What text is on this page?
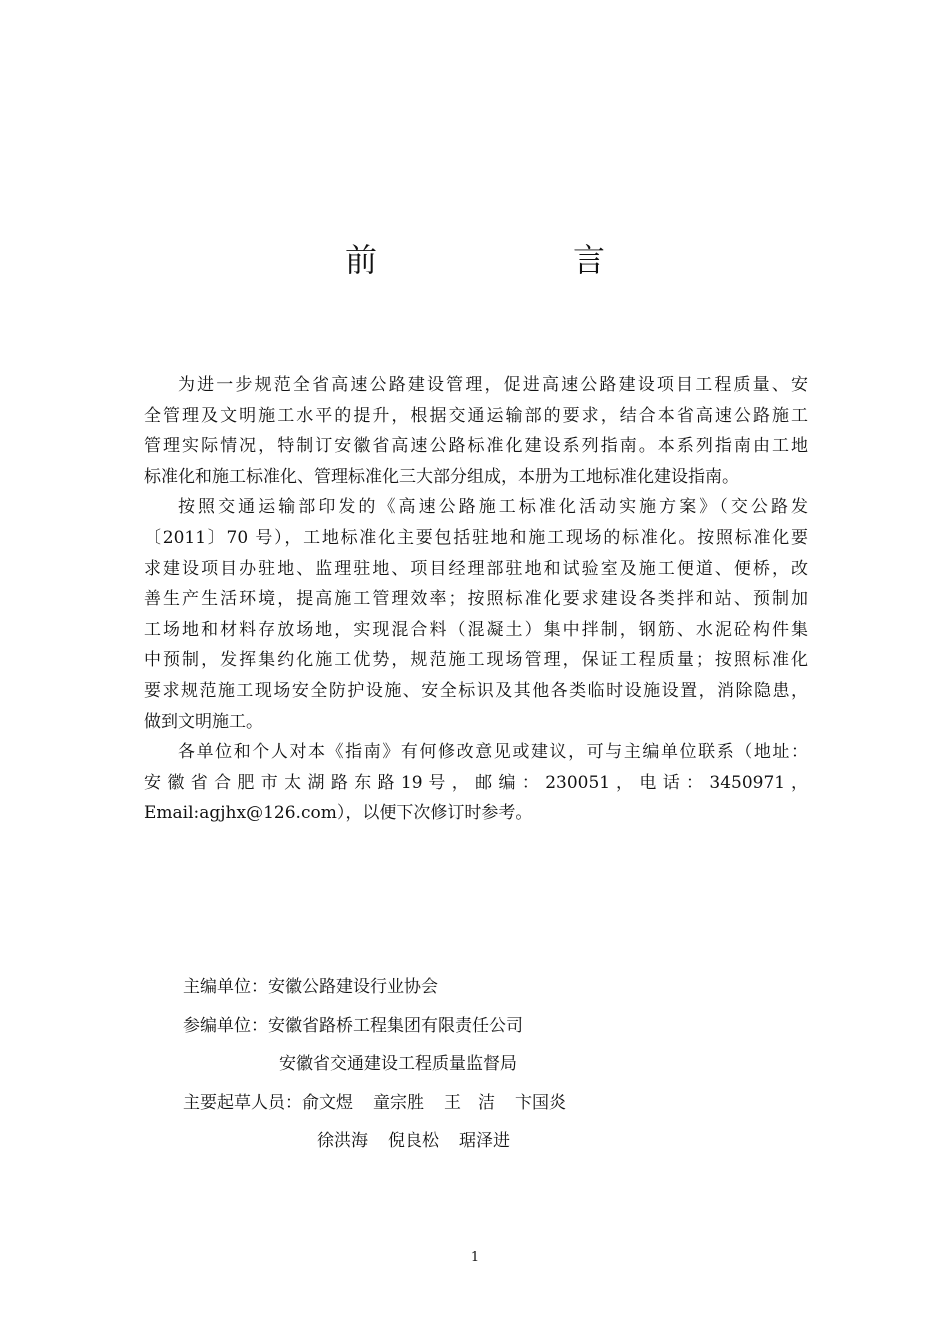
前　　言

为进一步规范全省高速公路建设管理，促进高速公路建设项目工程质量、安
全管理及文明施工水平的提升，根据交通运输部的要求，结合本省高速公路施工
管理实际情况，特制订安徽省高速公路标准化建设系列指南。本系列指南由工地
标准化和施工标准化、管理标准化三大部分组成，本册为工地标准化建设指南。

按照交通运输部印发的《高速公路施工标准化活动实施方案》（交公路发
〔2011〕70 号），工地标准化主要包括驻地和施工现场的标准化。按照标准化要
求建设项目办驻地、监理驻地、项目经理部驻地和试验室及施工便道、便桥，改
善生产生活环境，提高施工管理效率；按照标准化要求建设各类拌和站、预制加
工场地和材料存放场地，实现混合料（混凝土）集中拌制，钢筋、水泥砼构件集
中预制，发挥集约化施工优势，规范施工现场管理，保证工程质量；按照标准化
要求规范施工现场安全防护设施、安全标识及其他各类临时设施设置，消除隐患，
做到文明施工。

各单位和个人对本《指南》有何修改意见或建议，可与主编单位联系（地址：
安 徽 省 合 肥 市 太 湖 路 东 路 19 号 ， 邮 编 ： 230051 ， 电 话 ： 3450971 ，
Email:agjhx@126.com），以便下次修订时参考。

主编单位： 安徽公路建设行业协会
参编单位： 安徽省路桥工程集团有限责任公司
安徽省交通建设工程质量监督局
主要起草人员： 俞文煜 童宗胜 王　洁 卞国炎
徐洪海 倪良松 琚泽进
1
